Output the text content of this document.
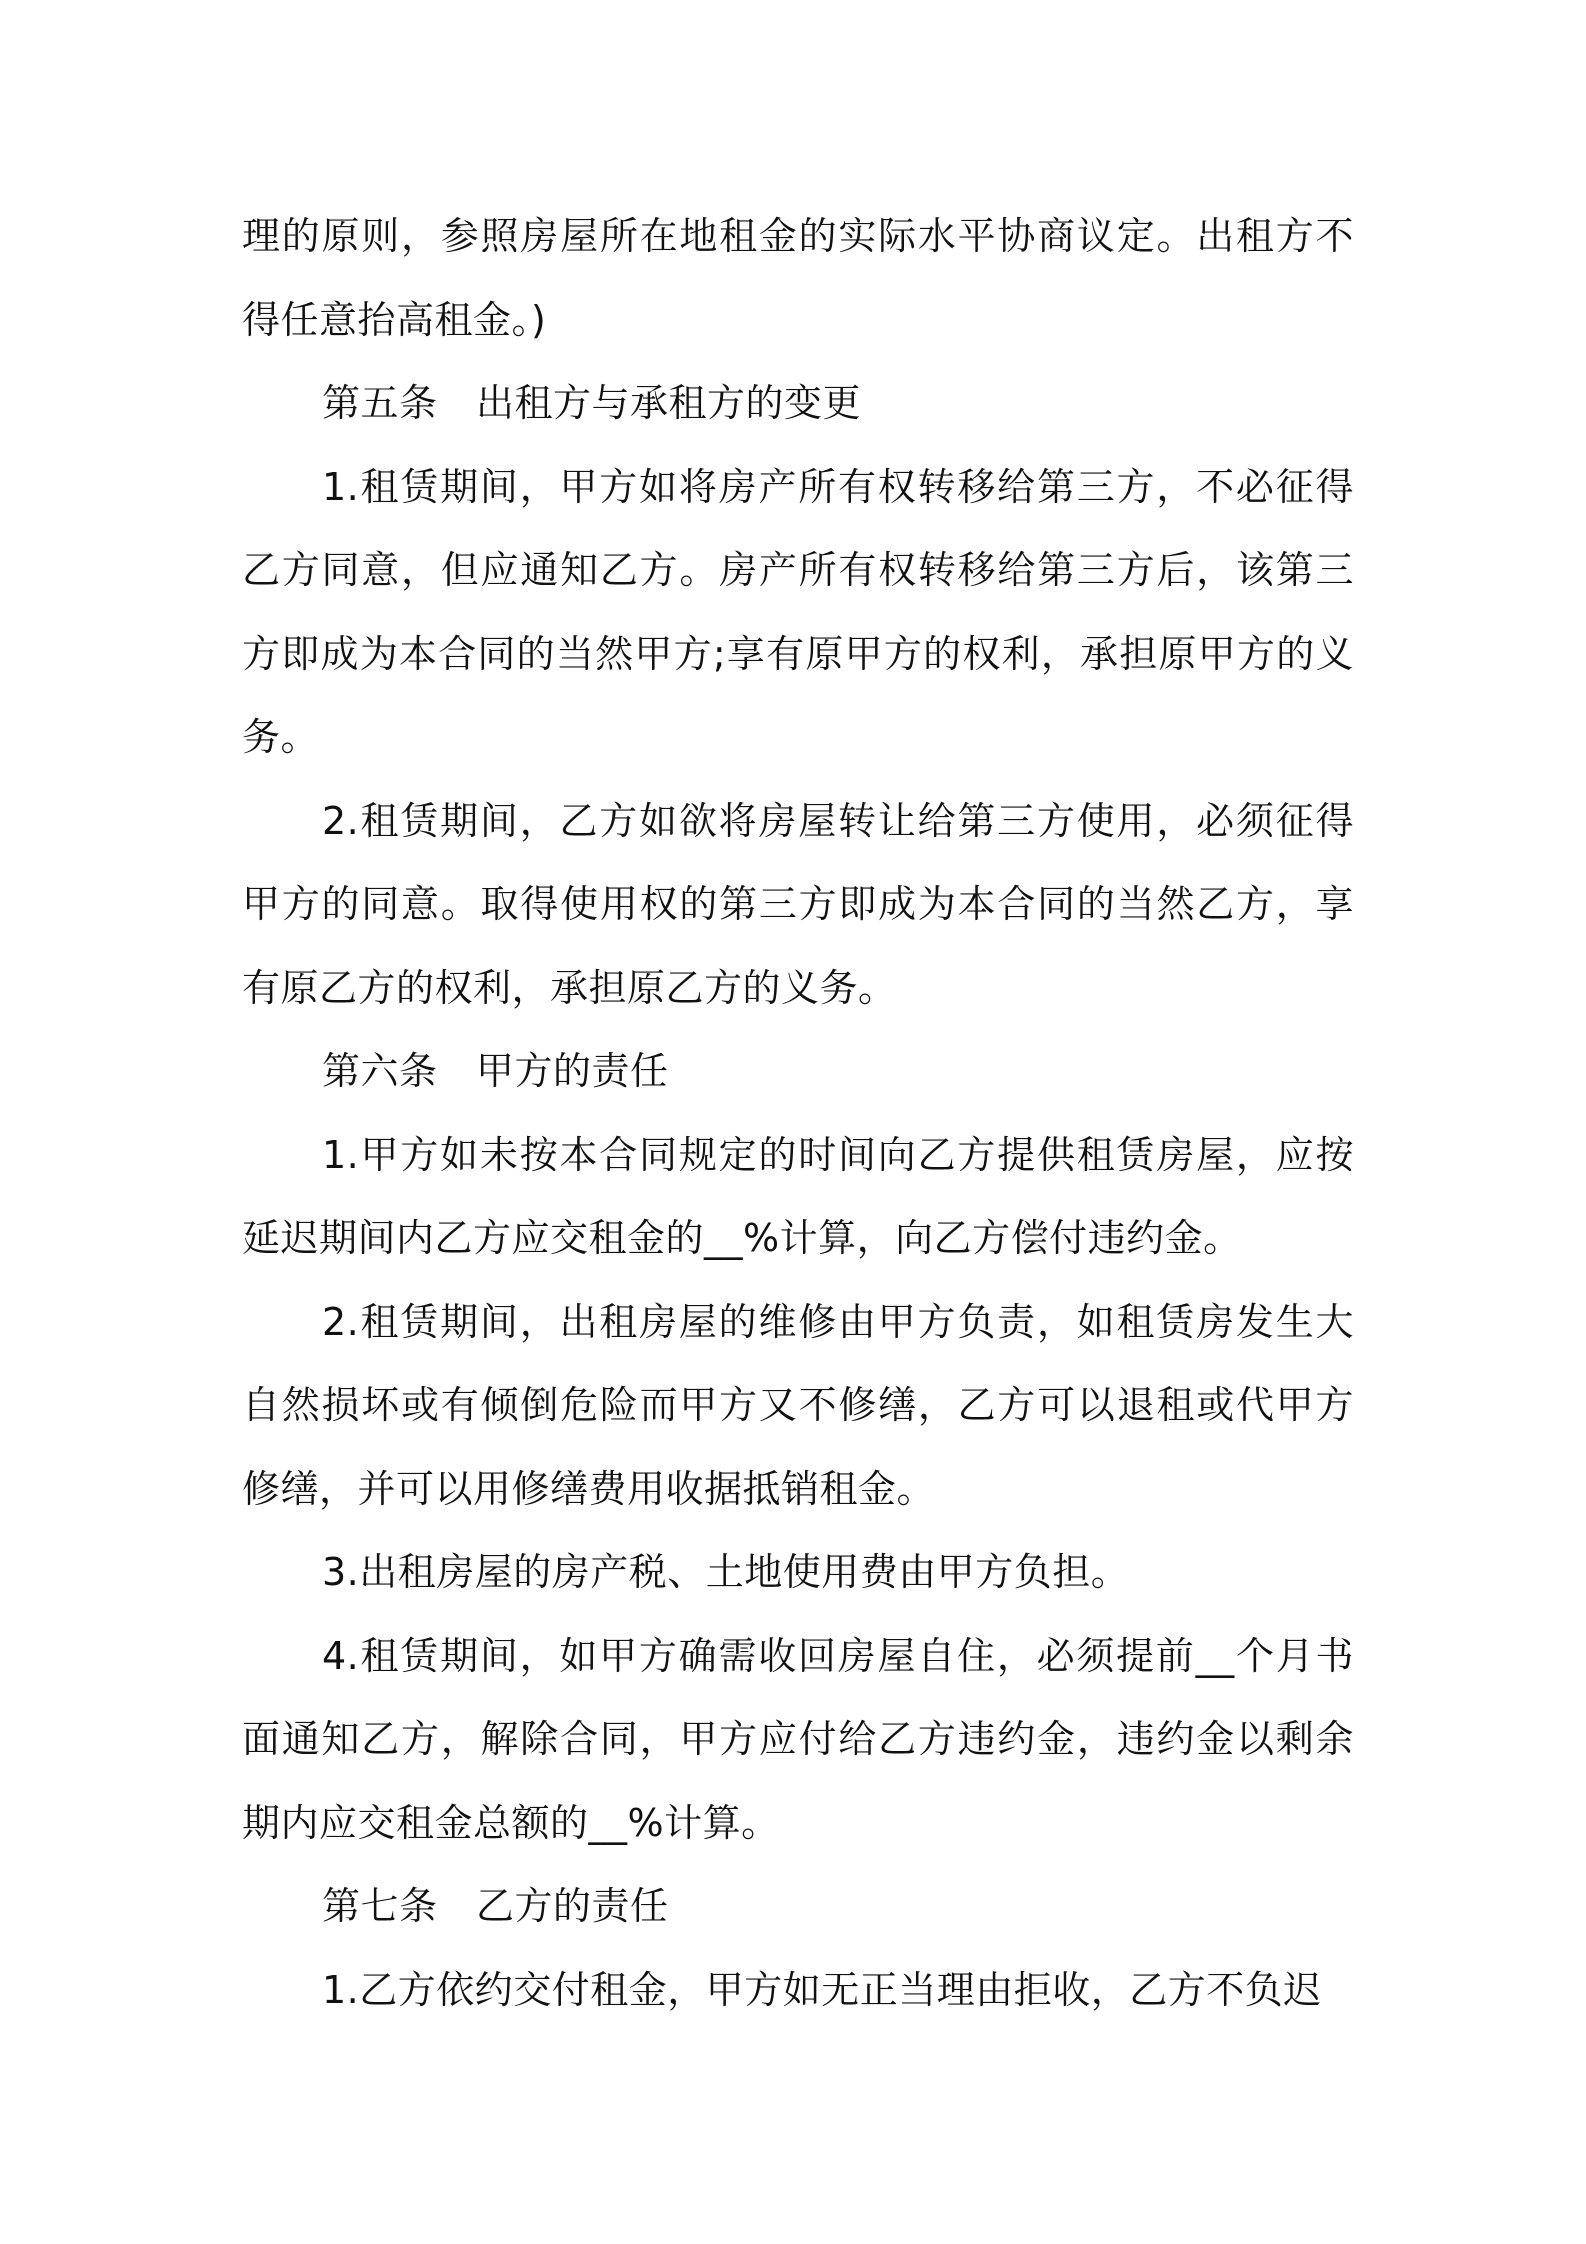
理的原则，参照房屋所在地租金的实际水平协商议定。出租方不得任意抬高租金。)

第五条　出租方与承租方的变更

1.租赁期间，甲方如将房产所有权转移给第三方，不必征得乙方同意，但应通知乙方。房产所有权转移给第三方后，该第三方即成为本合同的当然甲方;享有原甲方的权利，承担原甲方的义务。

2.租赁期间，乙方如欲将房屋转让给第三方使用，必须征得甲方的同意。取得使用权的第三方即成为本合同的当然乙方，享有原乙方的权利，承担原乙方的义务。

第六条　甲方的责任

1.甲方如未按本合同规定的时间向乙方提供租赁房屋，应按延迟期间内乙方应交租金的__%计算，向乙方偿付违约金。

2.租赁期间，出租房屋的维修由甲方负责，如租赁房发生大自然损坏或有倾倒危险而甲方又不修缮，乙方可以退租或代甲方修缮，并可以用修缮费用收据抵销租金。

3.出租房屋的房产税、土地使用费由甲方负担。

4.租赁期间，如甲方确需收回房屋自住，必须提前__个月书面通知乙方，解除合同，甲方应付给乙方违约金，违约金以剩余期内应交租金总额的__%计算。

第七条　乙方的责任

1.乙方依约交付租金，甲方如无正当理由拒收，乙方不负迟
